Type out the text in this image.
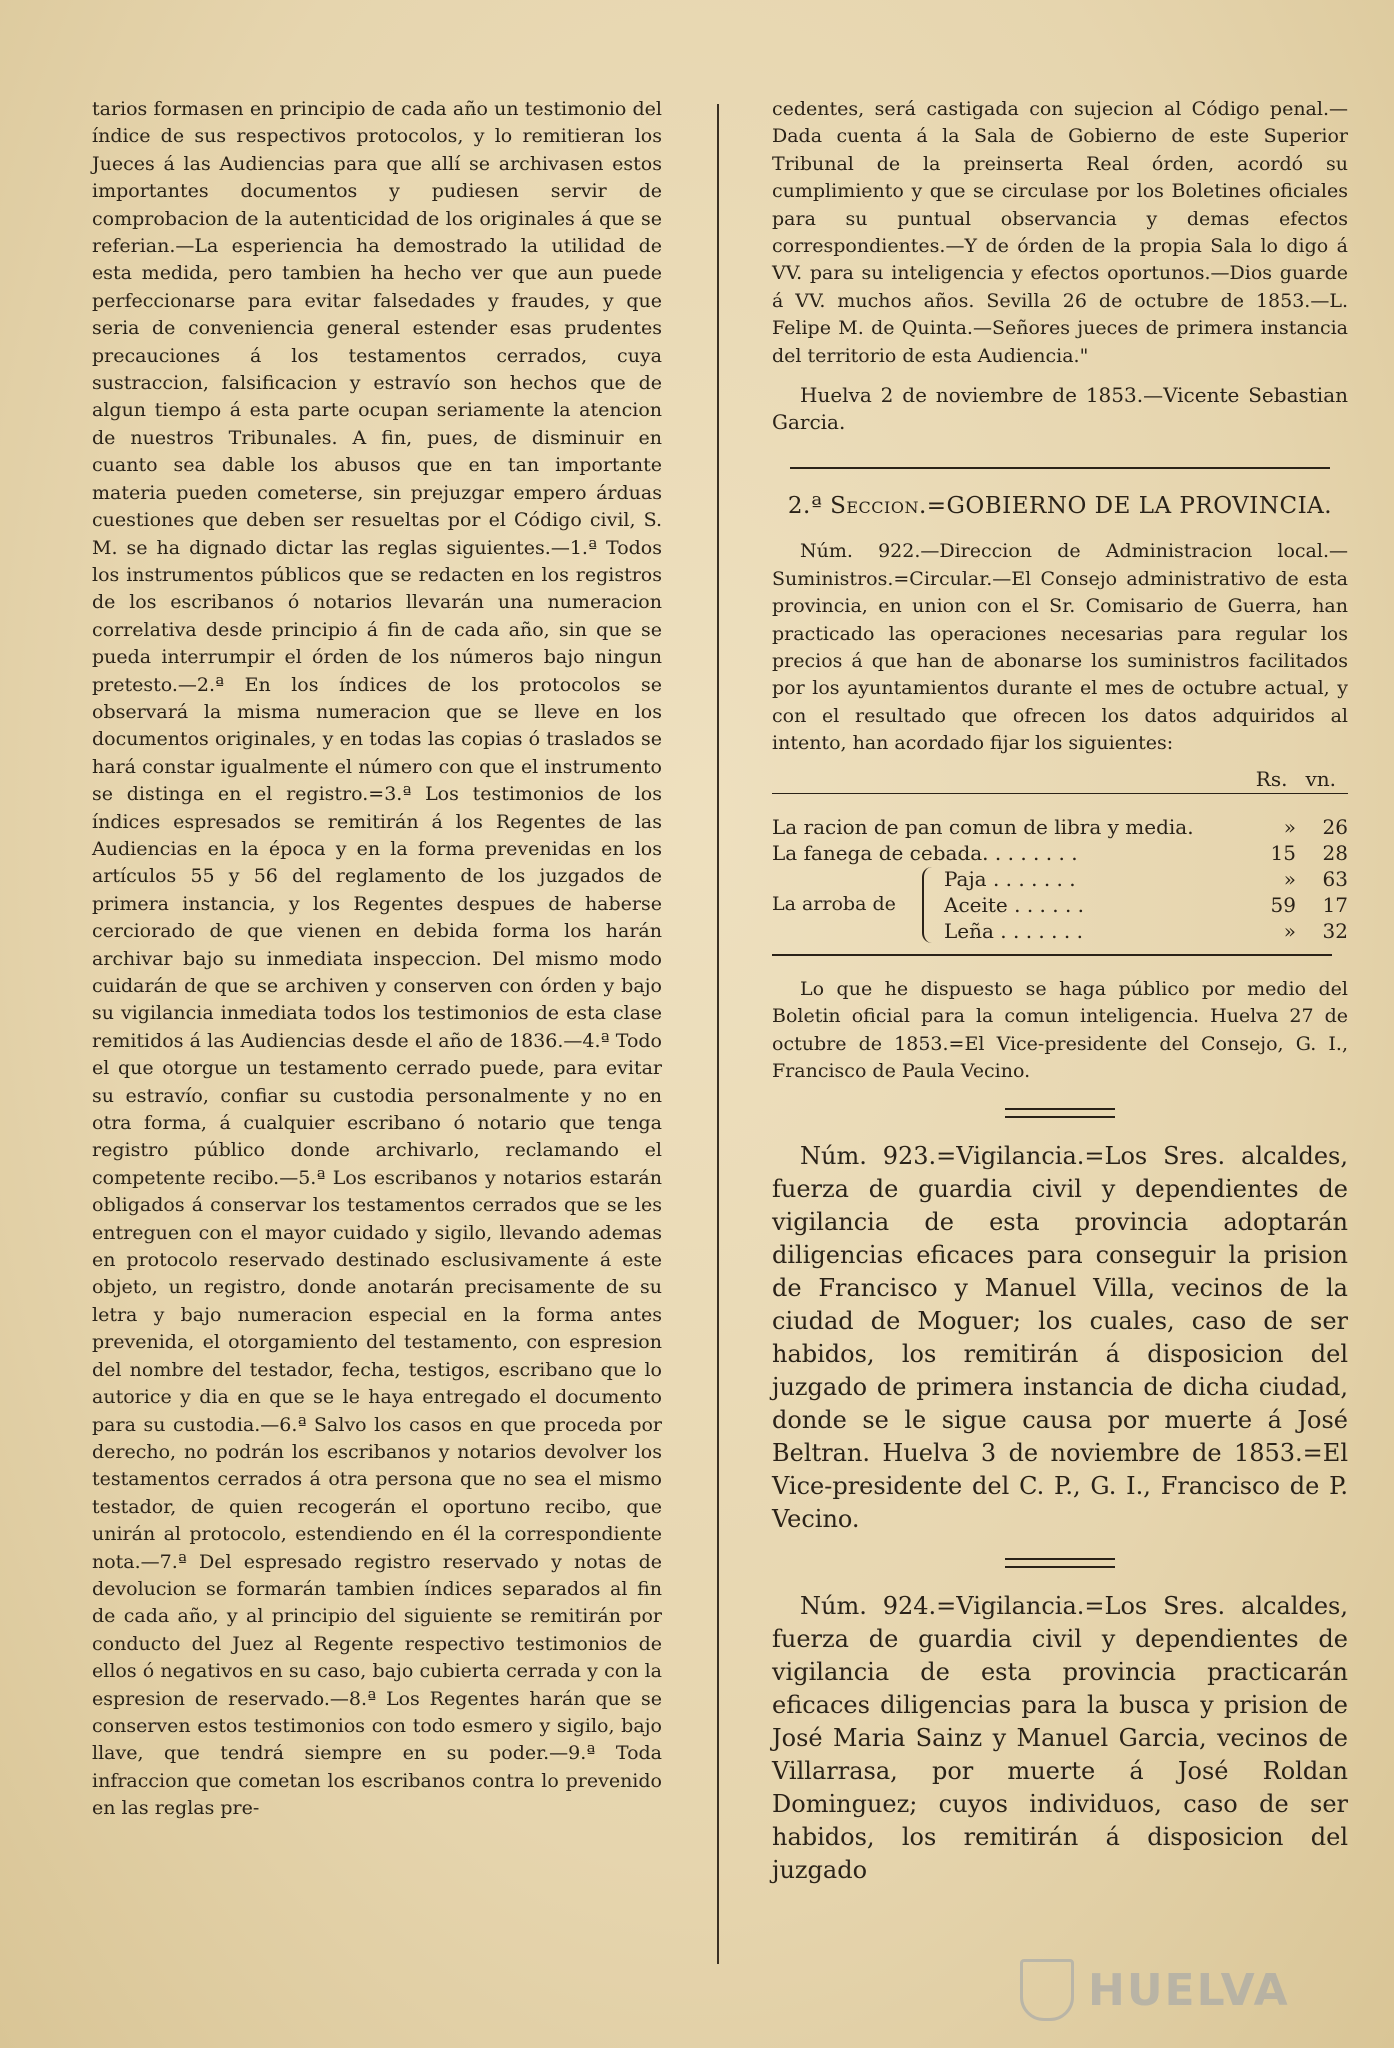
tarios formasen en principio de cada año un testimonio del índice de sus respectivos protocolos, y lo remitieran los Jueces á las Audiencias para que allí se archivasen estos importantes documentos y pudiesen servir de comprobacion de la autenticidad de los originales á que se referian.—La esperiencia ha demostrado la utilidad de esta medida, pero tambien ha hecho ver que aun puede perfeccionarse para evitar falsedades y fraudes, y que seria de conveniencia general estender esas prudentes precauciones á los testamentos cerrados, cuya sustraccion, falsificacion y estravío son hechos que de algun tiempo á esta parte ocupan seriamente la atencion de nuestros Tribunales. A fin, pues, de disminuir en cuanto sea dable los abusos que en tan importante materia pueden cometerse, sin prejuzgar empero árduas cuestiones que deben ser resueltas por el Código civil, S. M. se ha dignado dictar las reglas siguientes.—1.ª Todos los instrumentos públicos que se redacten en los registros de los escribanos ó notarios llevarán una numeracion correlativa desde principio á fin de cada año, sin que se pueda interrumpir el órden de los números bajo ningun pretesto.—2.ª En los índices de los protocolos se observará la misma numeracion que se lleve en los documentos originales, y en todas las copias ó traslados se hará constar igualmente el número con que el instrumento se distinga en el registro.=3.ª Los testimonios de los índices espresados se remitirán á los Regentes de las Audiencias en la época y en la forma prevenidas en los artículos 55 y 56 del reglamento de los juzgados de primera instancia, y los Regentes despues de haberse cerciorado de que vienen en debida forma los harán archivar bajo su inmediata inspeccion. Del mismo modo cuidarán de que se archiven y conserven con órden y bajo su vigilancia inmediata todos los testimonios de esta clase remitidos á las Audiencias desde el año de 1836.—4.ª Todo el que otorgue un testamento cerrado puede, para evitar su estravío, confiar su custodia personalmente y no en otra forma, á cualquier escribano ó notario que tenga registro público donde archivarlo, reclamando el competente recibo.—5.ª Los escribanos y notarios estarán obligados á conservar los testamentos cerrados que se les entreguen con el mayor cuidado y sigilo, llevando ademas en protocolo reservado destinado esclusivamente á este objeto, un registro, donde anotarán precisamente de su letra y bajo numeracion especial en la forma antes prevenida, el otorgamiento del testamento, con espresion del nombre del testador, fecha, testigos, escribano que lo autorice y dia en que se le haya entregado el documento para su custodia.—6.ª Salvo los casos en que proceda por derecho, no podrán los escribanos y notarios devolver los testamentos cerrados á otra persona que no sea el mismo testador, de quien recogerán el oportuno recibo, que unirán al protocolo, estendiendo en él la correspondiente nota.—7.ª Del espresado registro reservado y notas de devolucion se formarán tambien índices separados al fin de cada año, y al principio del siguiente se remitirán por conducto del Juez al Regente respectivo testimonios de ellos ó negativos en su caso, bajo cubierta cerrada y con la espresion de reservado.—8.ª Los Regentes harán que se conserven estos testimonios con todo esmero y sigilo, bajo llave, que tendrá siempre en su poder.—9.ª Toda infraccion que cometan los escribanos contra lo prevenido en las reglas pre-

cedentes, será castigada con sujecion al Código penal.—Dada cuenta á la Sala de Gobierno de este Superior Tribunal de la preinserta Real órden, acordó su cumplimiento y que se circulase por los Boletines oficiales para su puntual observancia y demas efectos correspondientes.—Y de órden de la propia Sala lo digo á VV. para su inteligencia y efectos oportunos.—Dios guarde á VV. muchos años. Sevilla 26 de octubre de 1853.—L. Felipe M. de Quinta.—Señores jueces de primera instancia del territorio de esta Audiencia."

Huelva 2 de noviembre de 1853.—Vicente Sebastian Garcia.

2.ª Seccion.=GOBIERNO DE LA PROVINCIA.

Núm. 922.—Direccion de Administracion local.—Suministros.=Circular.—El Consejo administrativo de esta provincia, en union con el Sr. Comisario de Guerra, han practicado las operaciones necesarias para regular los precios á que han de abonarse los suministros facilitados por los ayuntamientos durante el mes de octubre actual, y con el resultado que ofrecen los datos adquiridos al intento, han acordado fijar los siguientes:

Rs. vn.
La racion de pan comun de libra y media.	»	26
La fanega de cebada. . . . . . . .	15	28
La arroba de
Paja . . . . . . .	»	63
Aceite . . . . . .	59	17
Leña . . . . . . .	»	32

Lo que he dispuesto se haga público por medio del Boletin oficial para la comun inteligencia. Huelva 27 de octubre de 1853.=El Vice-presidente del Consejo, G. I., Francisco de Paula Vecino.

Núm. 923.=Vigilancia.=Los Sres. alcaldes, fuerza de guardia civil y dependientes de vigilancia de esta provincia adoptarán diligencias eficaces para conseguir la prision de Francisco y Manuel Villa, vecinos de la ciudad de Moguer; los cuales, caso de ser habidos, los remitirán á disposicion del juzgado de primera instancia de dicha ciudad, donde se le sigue causa por muerte á José Beltran. Huelva 3 de noviembre de 1853.=El Vice-presidente del C. P., G. I., Francisco de P. Vecino.

Núm. 924.=Vigilancia.=Los Sres. alcaldes, fuerza de guardia civil y dependientes de vigilancia de esta provincia practicarán eficaces diligencias para la busca y prision de José Maria Sainz y Manuel Garcia, vecinos de Villarrasa, por muerte á José Roldan Dominguez; cuyos individuos, caso de ser habidos, los remitirán á disposicion del juzgado

HUELVA
